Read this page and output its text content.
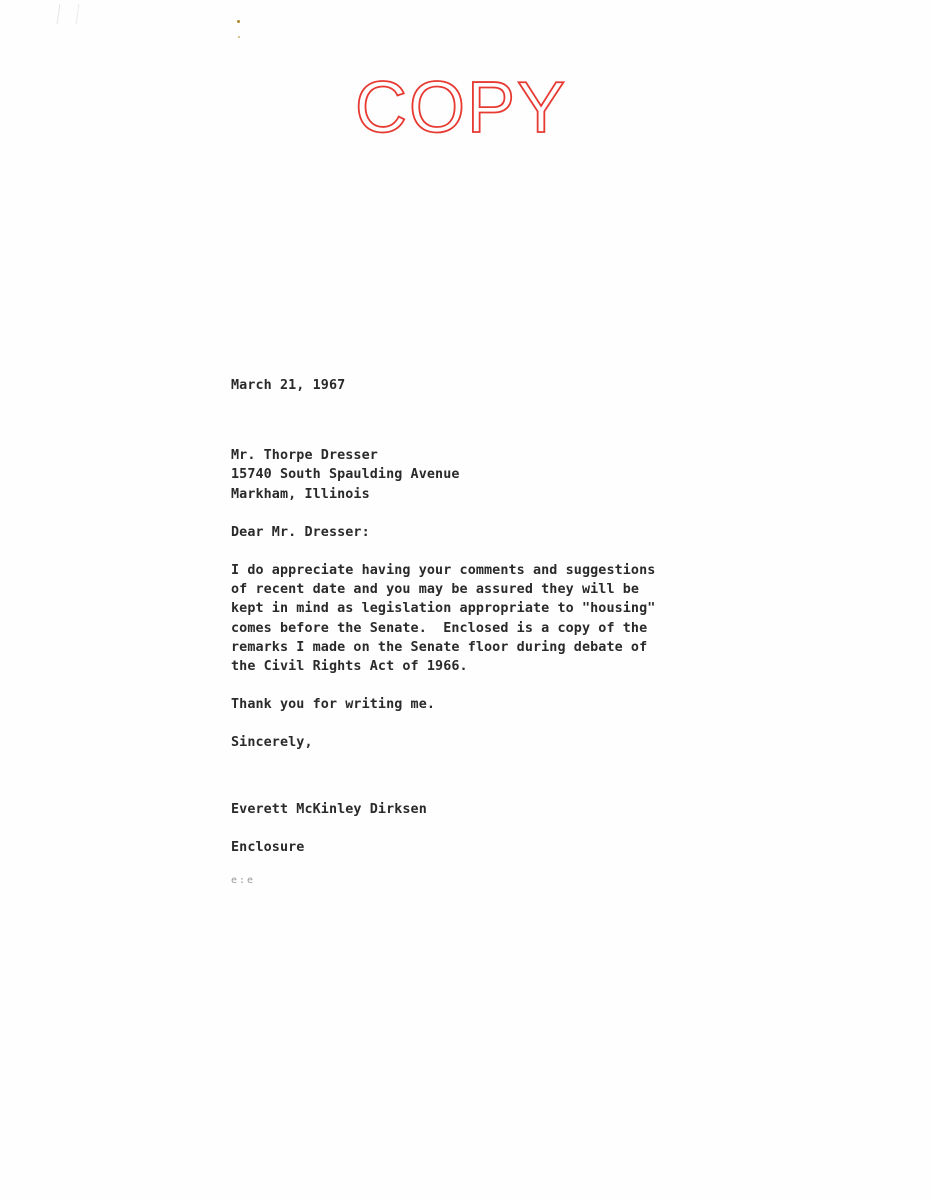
COPY
March 21, 1967
Mr. Thorpe Dresser
15740 South Spaulding Avenue
Markham, Illinois
Dear Mr. Dresser:
I do appreciate having your comments and suggestions
of recent date and you may be assured they will be
kept in mind as legislation appropriate to "housing"
comes before the Senate.  Enclosed is a copy of the
remarks I made on the Senate floor during debate of
the Civil Rights Act of 1966.
Thank you for writing me.
Sincerely,
Everett McKinley Dirksen
Enclosure
e:e
